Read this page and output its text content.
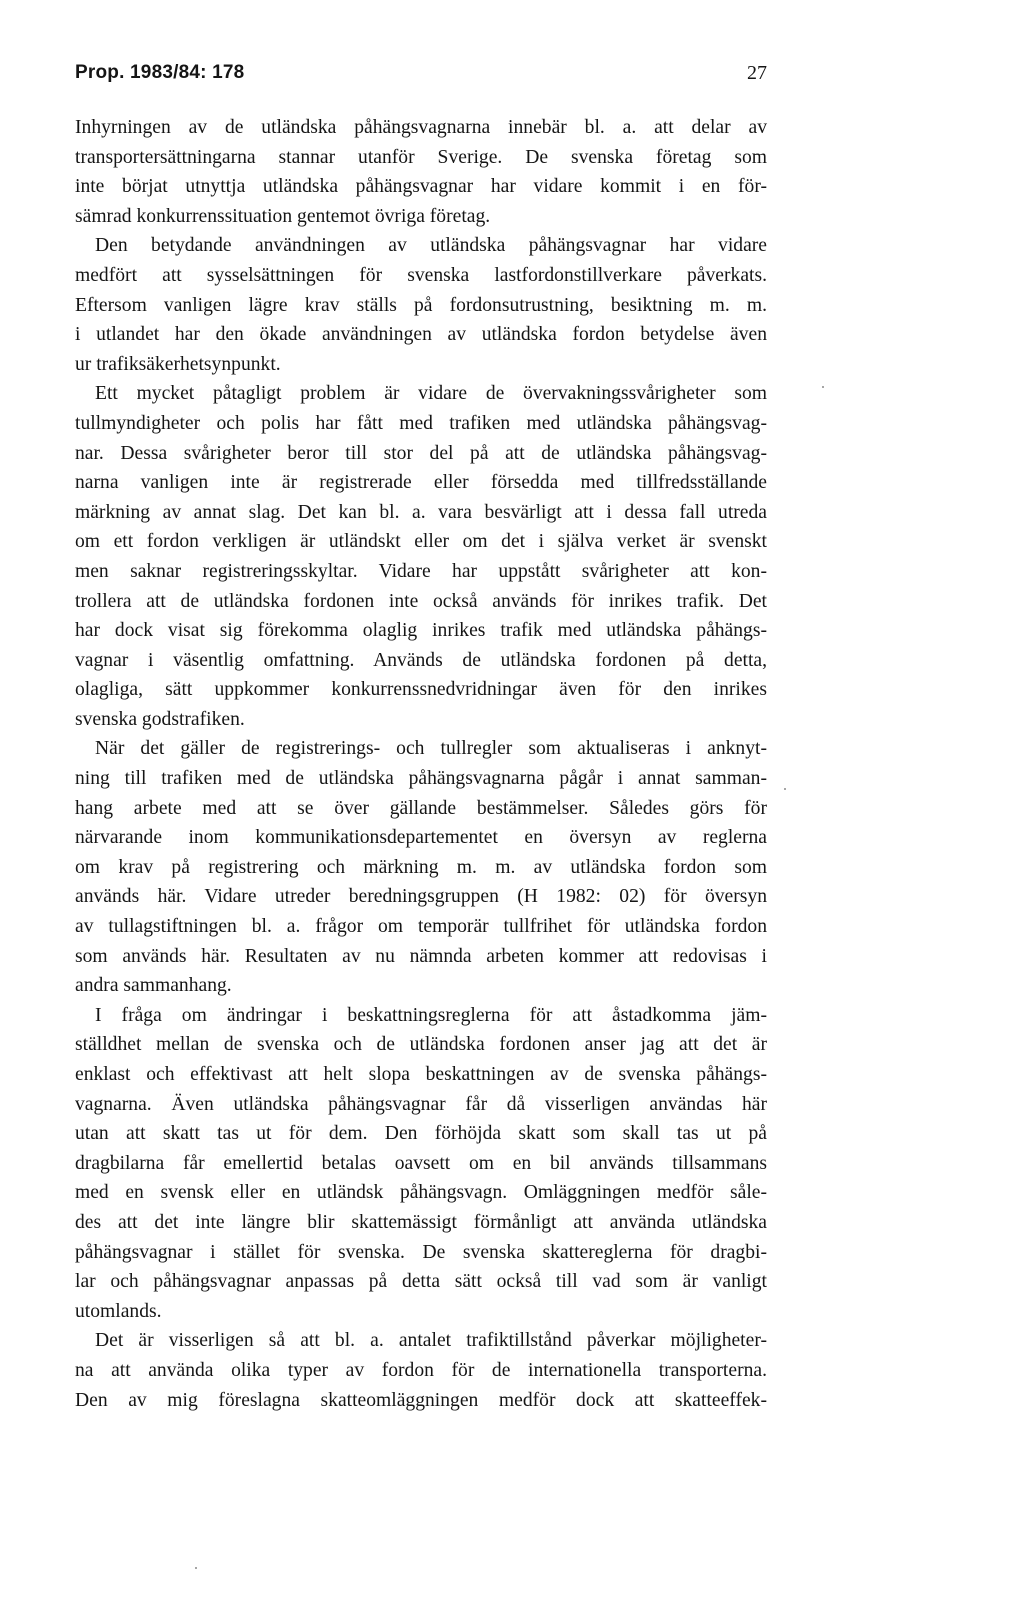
Prop. 1983/84: 178	27

Inhyrningen av de utländska påhängsvagnarna innebär bl. a. att delar av
transportersättningarna stannar utanför Sverige. De svenska företag som
inte börjat utnyttja utländska påhängsvagnar har vidare kommit i en för-
sämrad konkurrenssituation gentemot övriga företag.

Den betydande användningen av utländska påhängsvagnar har vidare
medfört att sysselsättningen för svenska lastfordonstillverkare påverkats.
Eftersom vanligen lägre krav ställs på fordonsutrustning, besiktning m. m.
i utlandet har den ökade användningen av utländska fordon betydelse även
ur trafiksäkerhetsynpunkt.

Ett mycket påtagligt problem är vidare de övervakningssvårigheter som
tullmyndigheter och polis har fått med trafiken med utländska påhängsvag-
nar. Dessa svårigheter beror till stor del på att de utländska påhängsvag-
narna vanligen inte är registrerade eller försedda med tillfredsställande
märkning av annat slag. Det kan bl. a. vara besvärligt att i dessa fall utreda
om ett fordon verkligen är utländskt eller om det i själva verket är svenskt
men saknar registreringsskyltar. Vidare har uppstått svårigheter att kon-
trollera att de utländska fordonen inte också används för inrikes trafik. Det
har dock visat sig förekomma olaglig inrikes trafik med utländska påhängs-
vagnar i väsentlig omfattning. Används de utländska fordonen på detta,
olagliga, sätt uppkommer konkurrenssnedvridningar även för den inrikes
svenska godstrafiken.

När det gäller de registrerings- och tullregler som aktualiseras i anknyt-
ning till trafiken med de utländska påhängsvagnarna pågår i annat samman-
hang arbete med att se över gällande bestämmelser. Således görs för
närvarande inom kommunikationsdepartementet en översyn av reglerna
om krav på registrering och märkning m. m. av utländska fordon som
används här. Vidare utreder beredningsgruppen (H 1982: 02) för översyn
av tullagstiftningen bl. a. frågor om temporär tullfrihet för utländska fordon
som används här. Resultaten av nu nämnda arbeten kommer att redovisas i
andra sammanhang.

I fråga om ändringar i beskattningsreglerna för att åstadkomma jäm-
ställdhet mellan de svenska och de utländska fordonen anser jag att det är
enklast och effektivast att helt slopa beskattningen av de svenska påhängs-
vagnarna. Även utländska påhängsvagnar får då visserligen användas här
utan att skatt tas ut för dem. Den förhöjda skatt som skall tas ut på
dragbilarna får emellertid betalas oavsett om en bil används tillsammans
med en svensk eller en utländsk påhängsvagn. Omläggningen medför såle-
des att det inte längre blir skattemässigt förmånligt att använda utländska
påhängsvagnar i stället för svenska. De svenska skattereglerna för dragbi-
lar och påhängsvagnar anpassas på detta sätt också till vad som är vanligt
utomlands.

Det är visserligen så att bl. a. antalet trafiktillstånd påverkar möjligheter-
na att använda olika typer av fordon för de internationella transporterna.
Den av mig föreslagna skatteomläggningen medför dock att skatteeffek-
